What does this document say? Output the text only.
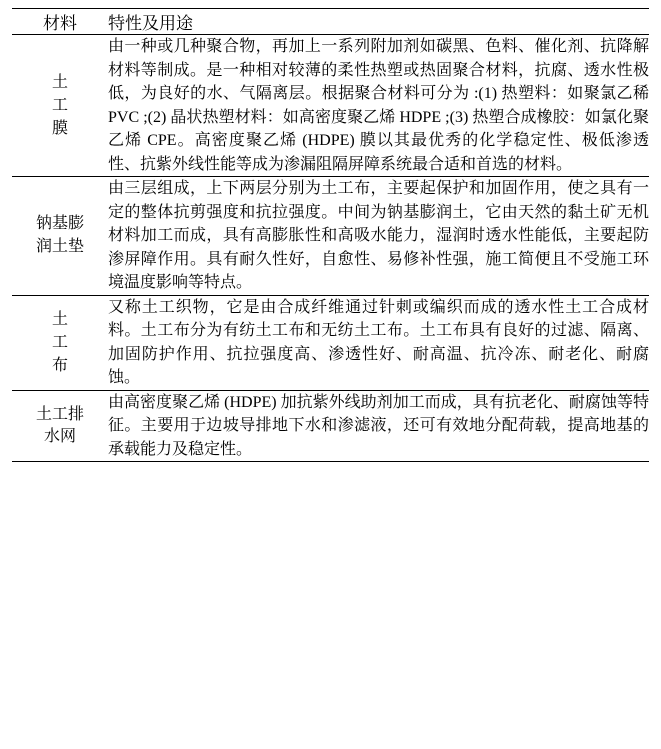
材料	特性及用途

土
工
膜
	由一种或几种聚合物，再加上一系列附加剂如碳黑、色料、催化剂、抗降解材料等制成。是一种相对较薄的柔性热塑或热固聚合材料，抗腐、透水性极低，为良好的水、气隔离层。根据聚合材料可分为 :(1) 热塑料：如聚氯乙稀 PVC ;(2) 晶状热塑材料：如高密度聚乙烯 HDPE ;(3) 热塑合成橡胶：如氯化聚乙烯 CPE。高密度聚乙烯 (HDPE) 膜以其最优秀的化学稳定性、极低渗透性、抗紫外线性能等成为渗漏阻隔屏障系统最合适和首选的材料。

钠基膨
润土垫	由三层组成，上下两层分别为土工布，主要起保护和加固作用，使之具有一定的整体抗剪强度和抗拉强度。中间为钠基膨润土，它由天然的黏土矿无机材料加工而成，具有高膨胀性和高吸水能力，湿润时透水性能低，主要起防渗屏障作用。具有耐久性好，自愈性、易修补性强，施工简便且不受施工环境温度影响等特点。

土
工
布	又称土工织物，它是由合成纤维通过针刺或编织而成的透水性土工合成材料。土工布分为有纺土工布和无纺土工布。土工布具有良好的过滤、隔离、加固防护作用、抗拉强度高、渗透性好、耐高温、抗冷冻、耐老化、耐腐蚀。

土工排
水网	由高密度聚乙烯 (HDPE) 加抗紫外线助剂加工而成，具有抗老化、耐腐蚀等特征。主要用于边坡导排地下水和渗滤液，还可有效地分配荷载，提高地基的承载能力及稳定性。
